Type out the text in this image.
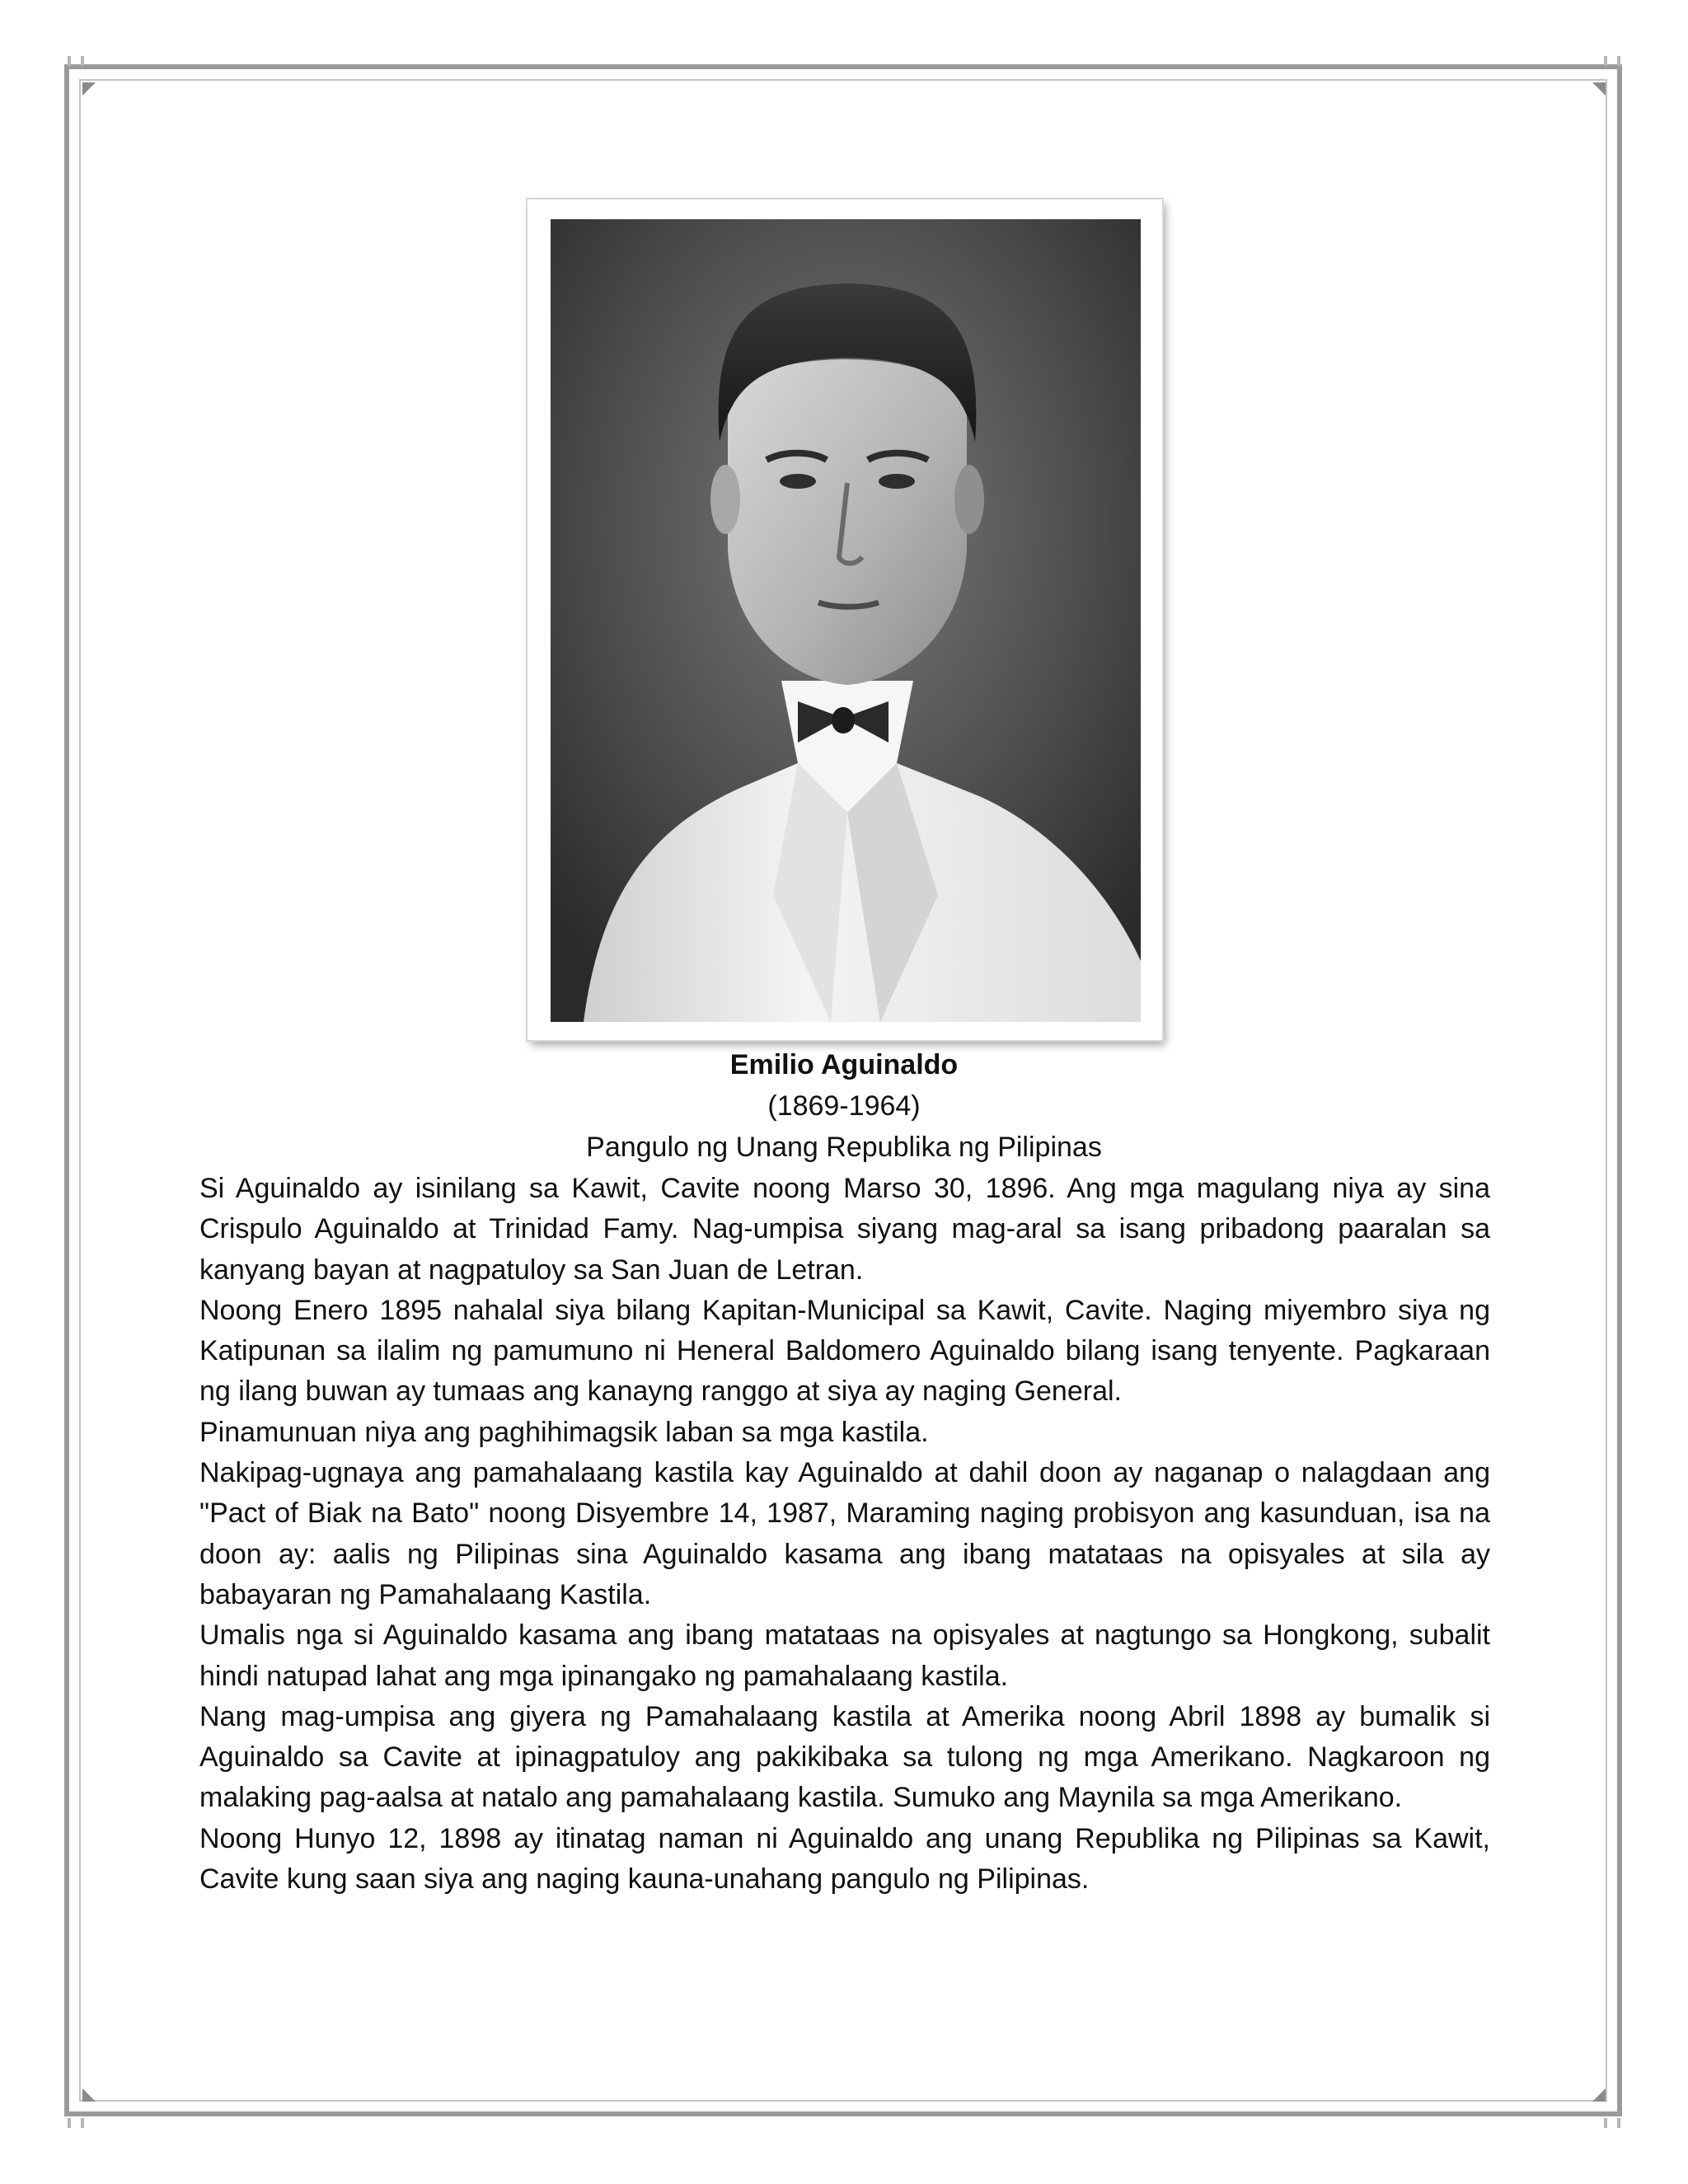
Emilio Aguinaldo
(1869-1964)
Pangulo ng Unang Republika ng Pilipinas

Si Aguinaldo ay isinilang sa Kawit, Cavite noong Marso 30, 1896. Ang mga magulang niya ay sina Crispulo Aguinaldo at Trinidad Famy. Nag-umpisa siyang mag-aral sa isang pribadong paaralan sa kanyang bayan at nagpatuloy sa San Juan de Letran.

Noong Enero 1895 nahalal siya bilang Kapitan-Municipal sa Kawit, Cavite. Naging miyembro siya ng Katipunan sa ilalim ng pamumuno ni Heneral Baldomero Aguinaldo bilang isang tenyente. Pagkaraan ng ilang buwan ay tumaas ang kanayng ranggo at siya ay naging General.

Pinamunuan niya ang paghihimagsik laban sa mga kastila.

Nakipag-ugnaya ang pamahalaang kastila kay Aguinaldo at dahil doon ay naganap o nalagdaan ang "Pact of Biak na Bato" noong Disyembre 14, 1987, Maraming naging probisyon ang kasunduan, isa na doon ay: aalis ng Pilipinas sina Aguinaldo kasama ang ibang matataas na opisyales at sila ay babayaran ng Pamahalaang Kastila.

Umalis nga si Aguinaldo kasama ang ibang matataas na opisyales at nagtungo sa Hongkong, subalit hindi natupad lahat ang mga ipinangako ng pamahalaang kastila.

Nang mag-umpisa ang giyera ng Pamahalaang kastila at Amerika noong Abril 1898 ay bumalik si Aguinaldo sa Cavite at ipinagpatuloy ang pakikibaka sa tulong ng mga Amerikano. Nagkaroon ng malaking pag-aalsa at natalo ang pamahalaang kastila. Sumuko ang Maynila sa mga Amerikano.

Noong Hunyo 12, 1898 ay itinatag naman ni Aguinaldo ang unang Republika ng Pilipinas sa Kawit, Cavite kung saan siya ang naging kauna-unahang pangulo ng Pilipinas.
